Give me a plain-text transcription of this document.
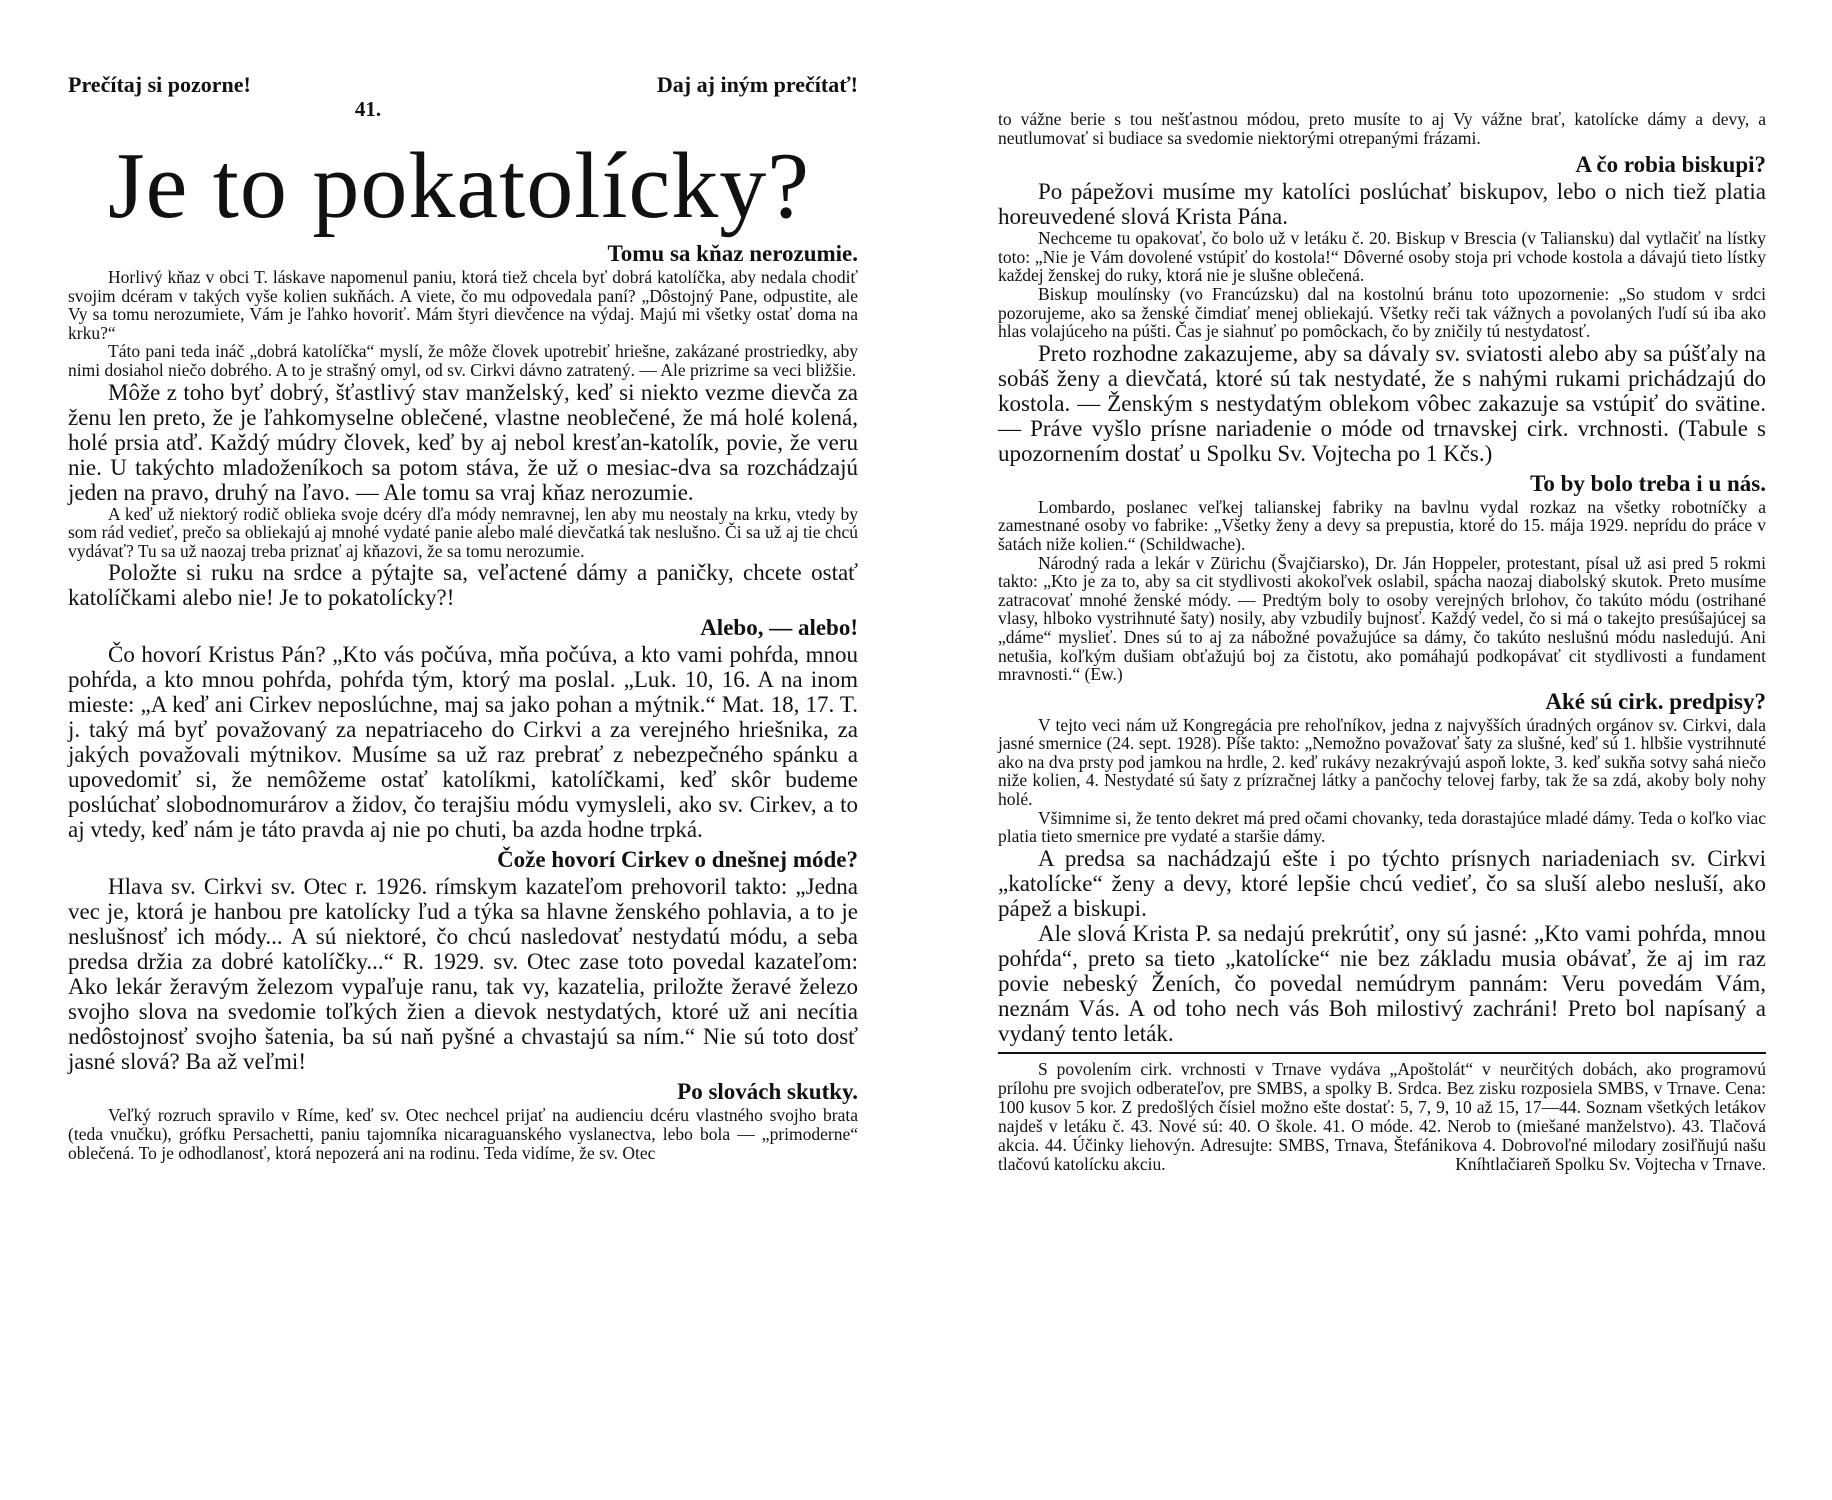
Prečítaj si pozorne!	Daj aj iným prečítať!
41.
Je to pokatolícky?
Tomu sa kňaz nerozumie.

Horlivý kňaz v obci T. láskave napomenul paniu, ktorá tiež chcela byť dobrá katolíčka, aby nedala chodiť svojim dcéram v takých vyše kolien sukňách. A viete, čo mu odpovedala paní? „Dôstojný Pane, odpustite, ale Vy sa tomu nerozumiete, Vám je ľahko hovoriť. Mám štyri dievčence na výdaj. Majú mi všetky ostať doma na krku?“

Táto pani teda ináč „dobrá katolíčka“ myslí, že môže človek upotrebiť hriešne, zakázané prostriedky, aby nimi dosiahol niečo dobrého. A to je strašný omyl, od sv. Cirkvi dávno zatratený. — Ale prizrime sa veci bližšie.

Môže z toho byť dobrý, šťastlivý stav manželský, keď si niekto vezme dievča za ženu len preto, že je ľahkomyselne oblečené, vlastne neoblečené, že má holé kolená, holé prsia atď. Každý múdry človek, keď by aj nebol kresťan-katolík, povie, že veru nie. U takýchto mladoženíkoch sa potom stáva, že už o mesiac-dva sa rozchádzajú jeden na pravo, druhý na ľavo. — Ale tomu sa vraj kňaz nerozumie.

A keď už niektorý rodič oblieka svoje dcéry dľa módy nemravnej, len aby mu neostaly na krku, vtedy by som rád vedieť, prečo sa obliekajú aj mnohé vydaté panie alebo malé dievčatká tak neslušno. Či sa už aj tie chcú vydávať? Tu sa už naozaj treba priznať aj kňazovi, že sa tomu nerozumie.

Položte si ruku na srdce a pýtajte sa, veľactené dámy a paničky, chcete ostať katolíčkami alebo nie! Je to pokatolícky?!

Alebo, — alebo!

Čo hovorí Kristus Pán? „Kto vás počúva, mňa počúva, a kto vami pohŕda, mnou pohŕda, a kto mnou pohŕda, pohŕda tým, ktorý ma poslal. „Luk. 10, 16. A na inom mieste: „A keď ani Cirkev neposlúchne, maj sa jako pohan a mýtnik.“ Mat. 18, 17. T. j. taký má byť považovaný za nepatriaceho do Cirkvi a za verejného hriešnika, za jakých považovali mýtnikov. Musíme sa už raz prebrať z nebezpečného spánku a upovedomiť si, že nemôžeme ostať katolíkmi, katolíčkami, keď skôr budeme poslúchať slobodnomurárov a židov, čo terajšiu módu vymysleli, ako sv. Cirkev, a to aj vtedy, keď nám je táto pravda aj nie po chuti, ba azda hodne trpká.

Čože hovorí Cirkev o dnešnej móde?

Hlava sv. Cirkvi sv. Otec r. 1926. rímskym kazateľom prehovoril takto: „Jedna vec je, ktorá je hanbou pre katolícky ľud a týka sa hlavne ženského pohlavia, a to je neslušnosť ich módy... A sú niektoré, čo chcú nasledovať nestydatú módu, a seba predsa držia za dobré katolíčky...“ R. 1929. sv. Otec zase toto povedal kazateľom: Ako lekár žeravým železom vypaľuje ranu, tak vy, kazatelia, priložte žeravé železo svojho slova na svedomie toľkých žien a dievok nestydatých, ktoré už ani necítia nedôstojnosť svojho šatenia, ba sú naň pyšné a chvastajú sa ním.“ Nie sú toto dosť jasné slová? Ba až veľmi!

Po slovách skutky.

Veľký rozruch spravilo v Ríme, keď sv. Otec nechcel prijať na audienciu dcéru vlastného svojho brata (teda vnučku), grófku Persachetti, paniu tajomníka nicaraguanského vyslanectva, lebo bola — „primoderne“ oblečená. To je odhodlanosť, ktorá nepozerá ani na rodinu. Teda vidíme, že sv. Otec

to vážne berie s tou nešťastnou módou, preto musíte to aj Vy vážne brať, katolícke dámy a devy, a neutlumovať si budiace sa svedomie niektorými otrepanými frázami.

A čo robia biskupi?

Po pápežovi musíme my katolíci poslúchať biskupov, lebo o nich tiež platia horeuvedené slová Krista Pána.

Nechceme tu opakovať, čo bolo už v letáku č. 20. Biskup v Brescia (v Taliansku) dal vytlačiť na lístky toto: „Nie je Vám dovolené vstúpiť do kostola!“ Dôverné osoby stoja pri vchode kostola a dávajú tieto lístky každej ženskej do ruky, ktorá nie je slušne oblečená.

Biskup moulínsky (vo Francúzsku) dal na kostolnú bránu toto upozornenie: „So studom v srdci pozorujeme, ako sa ženské čimdiať menej obliekajú. Všetky reči tak vážnych a povolaných ľudí sú iba ako hlas volajúceho na púšti. Čas je siahnuť po pomôckach, čo by zničily tú nestydatosť.

Preto rozhodne zakazujeme, aby sa dávaly sv. sviatosti alebo aby sa púšťaly na sobáš ženy a dievčatá, ktoré sú tak nestydaté, že s nahými rukami prichádzajú do kostola. — Ženským s nestydatým oblekom vôbec zakazuje sa vstúpiť do svätine. — Práve vyšlo prísne nariadenie o móde od trnavskej cirk. vrchnosti. (Tabule s upozornením dostať u Spolku Sv. Vojtecha po 1 Kčs.)

To by bolo treba i u nás.

Lombardo, poslanec veľkej talianskej fabriky na bavlnu vydal rozkaz na všetky robotníčky a zamestnané osoby vo fabrike: „Všetky ženy a devy sa prepustia, ktoré do 15. mája 1929. neprídu do práce v šatách niže kolien.“ (Schildwache).

Národný rada a lekár v Zürichu (Švajčiarsko), Dr. Ján Hoppeler, protestant, písal už asi pred 5 rokmi takto: „Kto je za to, aby sa cit stydlivosti akokoľvek oslabil, spácha naozaj diabolský skutok. Preto musíme zatracovať mnohé ženské módy. — Predtým boly to osoby verejných brlohov, čo takúto módu (ostrihané vlasy, hlboko vystrihnuté šaty) nosily, aby vzbudily bujnosť. Každý vedel, čo si má o takejto presúšajúcej sa „dáme“ myslieť. Dnes sú to aj za nábožné považujúce sa dámy, čo takúto neslušnú módu nasledujú. Ani netušia, koľkým dušiam obťažujú boj za čistotu, ako pomáhajú podkopávať cit stydlivosti a fundament mravnosti.“ (Ew.)

Aké sú cirk. predpisy?

V tejto veci nám už Kongregácia pre rehoľníkov, jedna z najvyšších úradných orgánov sv. Cirkvi, dala jasné smernice (24. sept. 1928). Píše takto: „Nemožno považovať šaty za slušné, keď sú 1. hlbšie vystrihnuté ako na dva prsty pod jamkou na hrdle, 2. keď rukávy nezakrývajú aspoň lokte, 3. keď sukňa sotvy sahá niečo niže kolien, 4. Nestydaté sú šaty z prízračnej látky a pančochy telovej farby, tak že sa zdá, akoby boly nohy holé.

Všimnime si, že tento dekret má pred očami chovanky, teda dorastajúce mladé dámy. Teda o koľko viac platia tieto smernice pre vydaté a staršie dámy.

A predsa sa nachádzajú ešte i po týchto prísnych nariadeniach sv. Cirkvi „katolícke“ ženy a devy, ktoré lepšie chcú vedieť, čo sa sluší alebo nesluší, ako pápež a biskupi.

Ale slová Krista P. sa nedajú prekrútiť, ony sú jasné: „Kto vami pohŕda, mnou pohŕda“, preto sa tieto „katolícke“ nie bez základu musia obávať, že aj im raz povie nebeský Ženích, čo povedal nemúdrym pannám: Veru povedám Vám, neznám Vás. A od toho nech vás Boh milostivý zachráni! Preto bol napísaný a vydaný tento leták.

S povolením cirk. vrchnosti v Trnave vydáva „Apoštolát“ v neurčitých dobách, ako programovú prílohu pre svojich odberateľov, pre SMBS, a spolky B. Srdca. Bez zisku rozposiela SMBS, v Trnave. Cena: 100 kusov 5 kor. Z predošlých čísiel možno ešte dostať: 5, 7, 9, 10 až 15, 17—44. Soznam všetkých letákov najdeš v letáku č. 43. Nové sú: 40. O škole. 41. O móde. 42. Nerob to (miešané manželstvo). 43. Tlačová akcia. 44. Účinky liehovýn. Adresujte: SMBS, Trnava, Štefánikova 4. Dobrovoľné milodary zosiľňujú našu tlačovú katolícku akciu.	Kníhtlačiareň Spolku Sv. Vojtecha v Trnave.
